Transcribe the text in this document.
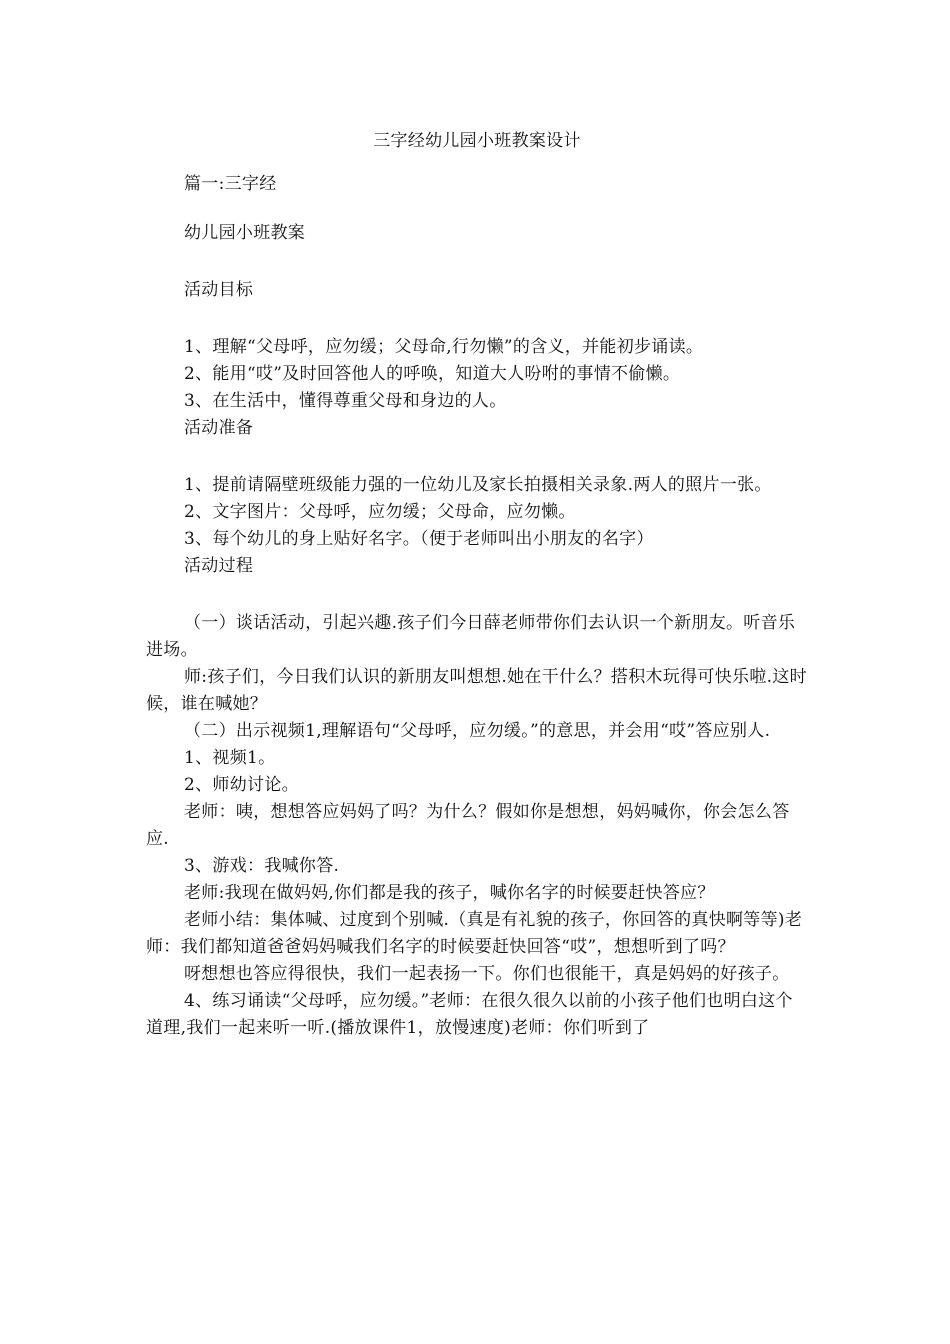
三字经幼儿园小班教案设计

篇一:三字经

幼儿园小班教案

活动目标

1、理解“父母呼，应勿缓；父母命,行勿懒”的含义，并能初步诵读。

2、能用“哎”及时回答他人的呼唤，知道大人吩咐的事情不偷懒。

3、在生活中，懂得尊重父母和身边的人。

活动准备

1、提前请隔壁班级能力强的一位幼儿及家长拍摄相关录象.两人的照片一张。

2、文字图片：父母呼，应勿缓；父母命，应勿懒。

3、每个幼儿的身上贴好名字。（便于老师叫出小朋友的名字）

活动过程

（一）谈话活动，引起兴趣.孩子们今日薛老师带你们去认识一个新朋友。听音乐进场。

师:孩子们，今日我们认识的新朋友叫想想.她在干什么？搭积木玩得可快乐啦.这时候，谁在喊她？

（二）出示视频1,理解语句“父母呼，应勿缓。”的意思，并会用“哎”答应别人.

1、视频1。

2、师幼讨论。

老师：咦，想想答应妈妈了吗？为什么？假如你是想想，妈妈喊你，你会怎么答应.

3、游戏：我喊你答.

老师:我现在做妈妈,你们都是我的孩子，喊你名字的时候要赶快答应？

老师小结：集体喊、过度到个别喊.（真是有礼貌的孩子，你回答的真快啊等等)老师：我们都知道爸爸妈妈喊我们名字的时候要赶快回答“哎”，想想听到了吗？

呀想想也答应得很快，我们一起表扬一下。你们也很能干，真是妈妈的好孩子。

4、练习诵读“父母呼，应勿缓。”老师：在很久很久以前的小孩子他们也明白这个道理,我们一起来听一听.(播放课件1，放慢速度)老师：你们听到了
